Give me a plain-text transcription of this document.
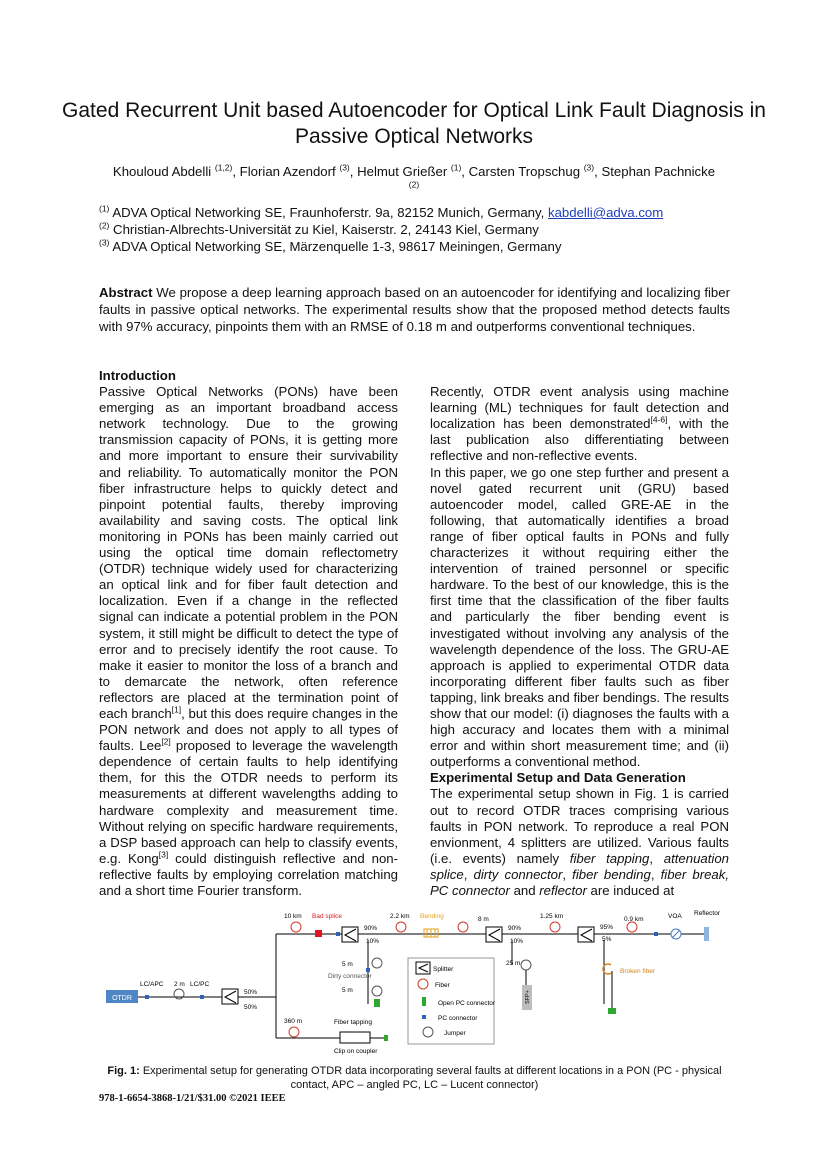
Gated Recurrent Unit based Autoencoder for Optical Link Fault Diagnosis in Passive Optical Networks
Khouloud Abdelli $^{(1,2)}$, Florian Azendorf $^{(3)}$, Helmut Grießer $^{(1)}$, Carsten Tropschug $^{(3)}$, Stephan Pachnicke $^{(2)}$
$^{(1)}$ ADVA Optical Networking SE, Fraunhoferstr. 9a, 82152 Munich, Germany, kabdelli@adva.com
$^{(2)}$ Christian-Albrechts-Universität zu Kiel, Kaiserstr. 2, 24143 Kiel, Germany
$^{(3)}$ ADVA Optical Networking SE, Märzenquelle 1-3, 98617 Meiningen, Germany
Abstract We propose a deep learning approach based on an autoencoder for identifying and localizing fiber faults in passive optical networks. The experimental results show that the proposed method detects faults with 97% accuracy, pinpoints them with an RMSE of 0.18 m and outperforms conventional techniques.
Introduction

Passive Optical Networks (PONs) have been emerging as an important broadband access network technology. Due to the growing transmission capacity of PONs, it is getting more and more important to ensure their survivability and reliability. To automatically monitor the PON fiber infrastructure helps to quickly detect and pinpoint potential faults, thereby improving availability and saving costs. The optical link monitoring in PONs has been mainly carried out using the optical time domain reflectometry (OTDR) technique widely used for characterizing an optical link and for fiber fault detection and localization. Even if a change in the reflected signal can indicate a potential problem in the PON system, it still might be difficult to detect the type of error and to precisely identify the root cause. To make it easier to monitor the loss of a branch and to demarcate the network, often reference reflectors are placed at the termination point of each branch[1], but this does require changes in the PON network and does not apply to all types of faults. Lee[2] proposed to leverage the wavelength dependence of certain faults to help identifying them, for this the OTDR needs to perform its measurements at different wavelengths adding to hardware complexity and measurement time. Without relying on specific hardware requirements, a DSP based approach can help to classify events, e.g. Kong[3] could distinguish reflective and non-reflective faults by employing correlation matching and a short time Fourier transform.

Recently, OTDR event analysis using machine learning (ML) techniques for fault detection and localization has been demonstrated[4-6], with the last publication also differentiating between reflective and non-reflective events.

In this paper, we go one step further and present a novel gated recurrent unit (GRU) based autoencoder model, called GRE-AE in the following, that automatically identifies a broad range of fiber optical faults in PONs and fully characterizes it without requiring either the intervention of trained personnel or specific hardware. To the best of our knowledge, this is the first time that the classification of the fiber faults and particularly the fiber bending event is investigated without involving any analysis of the wavelength dependence of the loss. The GRU-AE approach is applied to experimental OTDR data incorporating different fiber faults such as fiber tapping, link breaks and fiber bendings. The results show that our model: (i) diagnoses the faults with a high accuracy and locates them with a minimal error and within short measurement time; and (ii) outperforms a conventional method.

Experimental Setup and Data Generation

The experimental setup shown in Fig. 1 is carried out to record OTDR traces comprising various faults in PON network. To reproduce a real PON envionment, 4 splitters are utilized. Various faults (i.e. events) namely fiber tapping, attenuation splice, dirty connector, fiber bending, fiber break, PC connector and reflector are induced at

OTDR
LC/APC 2 m LC/PC
50%
50%
10 km Bad splice
90%
10%
2.2 km Bending	8 m
90%
10%
1.25 km
95%
5%
0.9 km	VOA Reflector
5 m
Dirty connector
5 m
25 m
SFP+
Broken fiber
360 m	Fiber tapping
Clip on coupler
Splitter
Fiber
Open PC connector
PC connector
Jumper
Fig. 1: Experimental setup for generating OTDR data incorporating several faults at different locations in a PON (PC - physical contact, APC – angled PC, LC – Lucent connector)
978-1-6654-3868-1/21/$31.00 ©2021 IEEE
